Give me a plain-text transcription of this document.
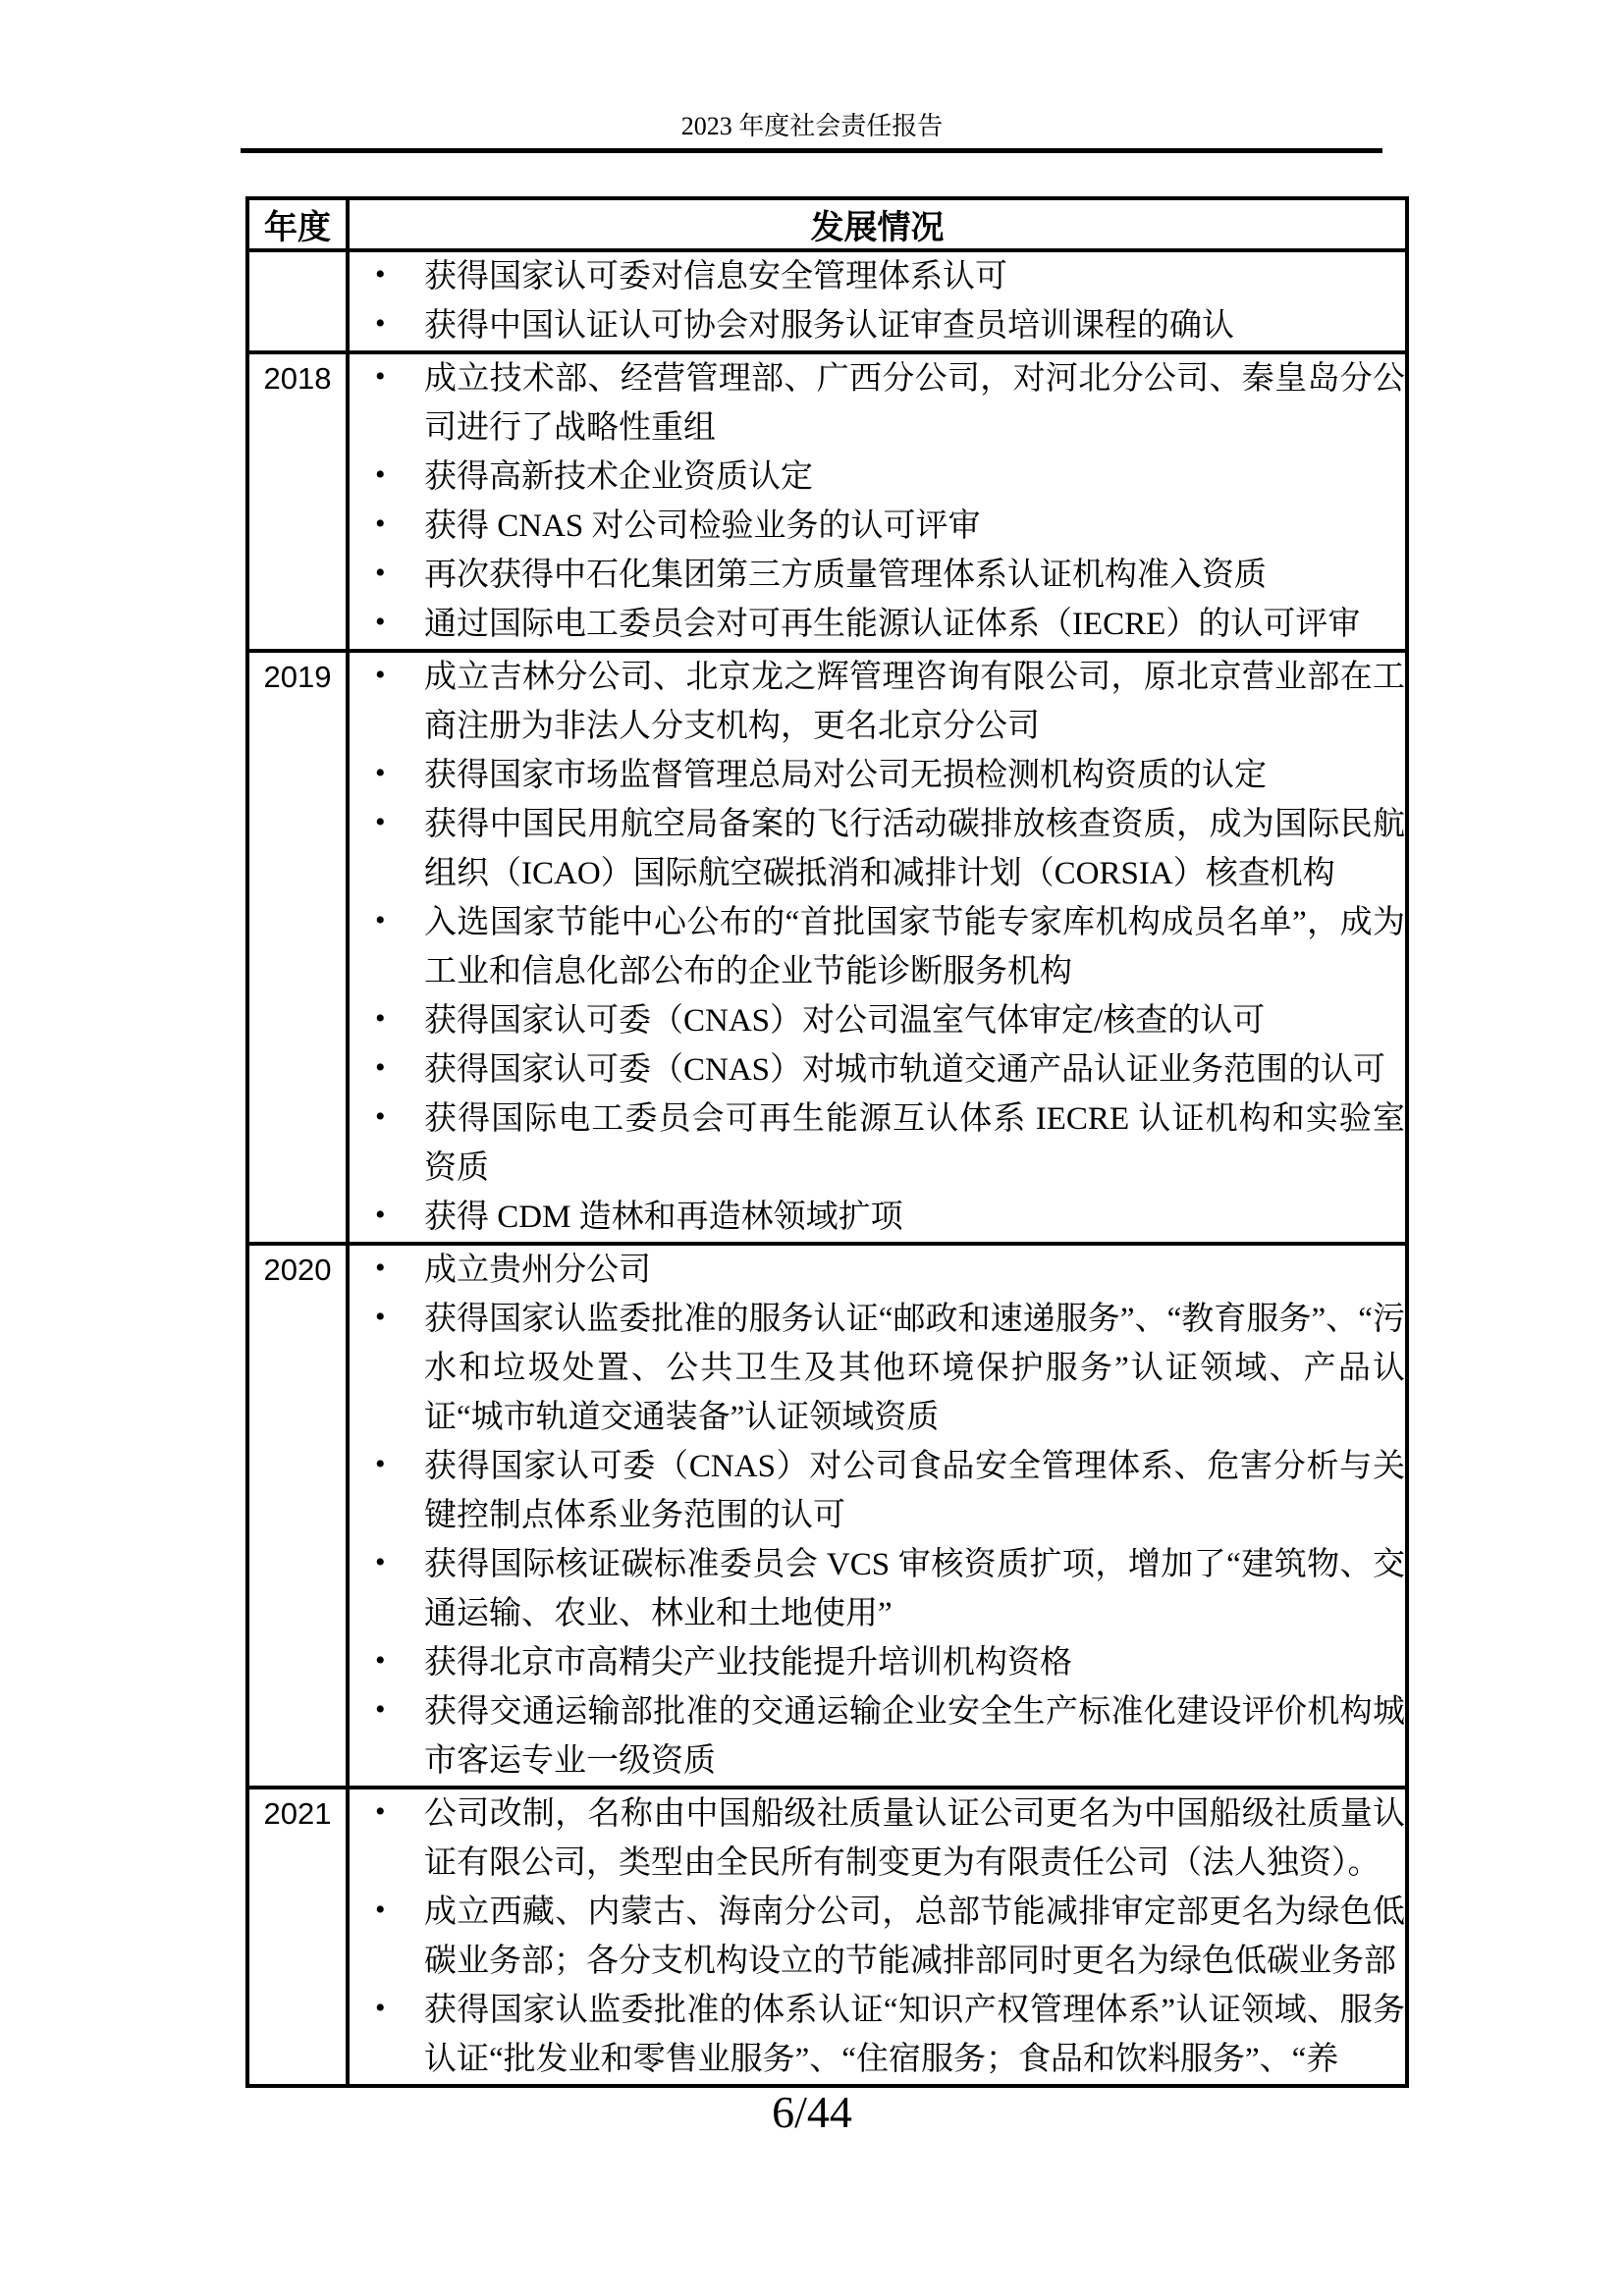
2023 年度社会责任报告
年度	发展情况

	• 获得国家认可委对信息安全管理体系认可
• 获得中国认证认可协会对服务认证审查员培训课程的确认

2018	• 成立技术部、经营管理部、广西分公司，对河北分公司、秦皇岛分公司进行了战略性重组
• 获得高新技术企业资质认定
• 获得 CNAS 对公司检验业务的认可评审
• 再次获得中石化集团第三方质量管理体系认证机构准入资质
• 通过国际电工委员会对可再生能源认证体系（IECRE）的认可评审

2019	• 成立吉林分公司、北京龙之辉管理咨询有限公司，原北京营业部在工商注册为非法人分支机构，更名北京分公司
• 获得国家市场监督管理总局对公司无损检测机构资质的认定
• 获得中国民用航空局备案的飞行活动碳排放核查资质，成为国际民航组织（ICAO）国际航空碳抵消和减排计划（CORSIA）核查机构
• 入选国家节能中心公布的“首批国家节能专家库机构成员名单”，成为工业和信息化部公布的企业节能诊断服务机构
• 获得国家认可委（CNAS）对公司温室气体审定/核查的认可
• 获得国家认可委（CNAS）对城市轨道交通产品认证业务范围的认可
• 获得国际电工委员会可再生能源互认体系 IECRE 认证机构和实验室资质
• 获得 CDM 造林和再造林领域扩项

2020	• 成立贵州分公司
• 获得国家认监委批准的服务认证“邮政和速递服务”、“教育服务”、“污水和垃圾处置、公共卫生及其他环境保护服务”认证领域、产品认证“城市轨道交通装备”认证领域资质
• 获得国家认可委（CNAS）对公司食品安全管理体系、危害分析与关键控制点体系业务范围的认可
• 获得国际核证碳标准委员会 VCS 审核资质扩项，增加了“建筑物、交通运输、农业、林业和土地使用”
• 获得北京市高精尖产业技能提升培训机构资格
• 获得交通运输部批准的交通运输企业安全生产标准化建设评价机构城市客运专业一级资质

2021	• 公司改制，名称由中国船级社质量认证公司更名为中国船级社质量认证有限公司，类型由全民所有制变更为有限责任公司（法人独资）。
• 成立西藏、内蒙古、海南分公司，总部节能减排审定部更名为绿色低碳业务部；各分支机构设立的节能减排部同时更名为绿色低碳业务部
• 获得国家认监委批准的体系认证“知识产权管理体系”认证领域、服务认证“批发业和零售业服务”、“住宿服务；食品和饮料服务”、“养
6/44
